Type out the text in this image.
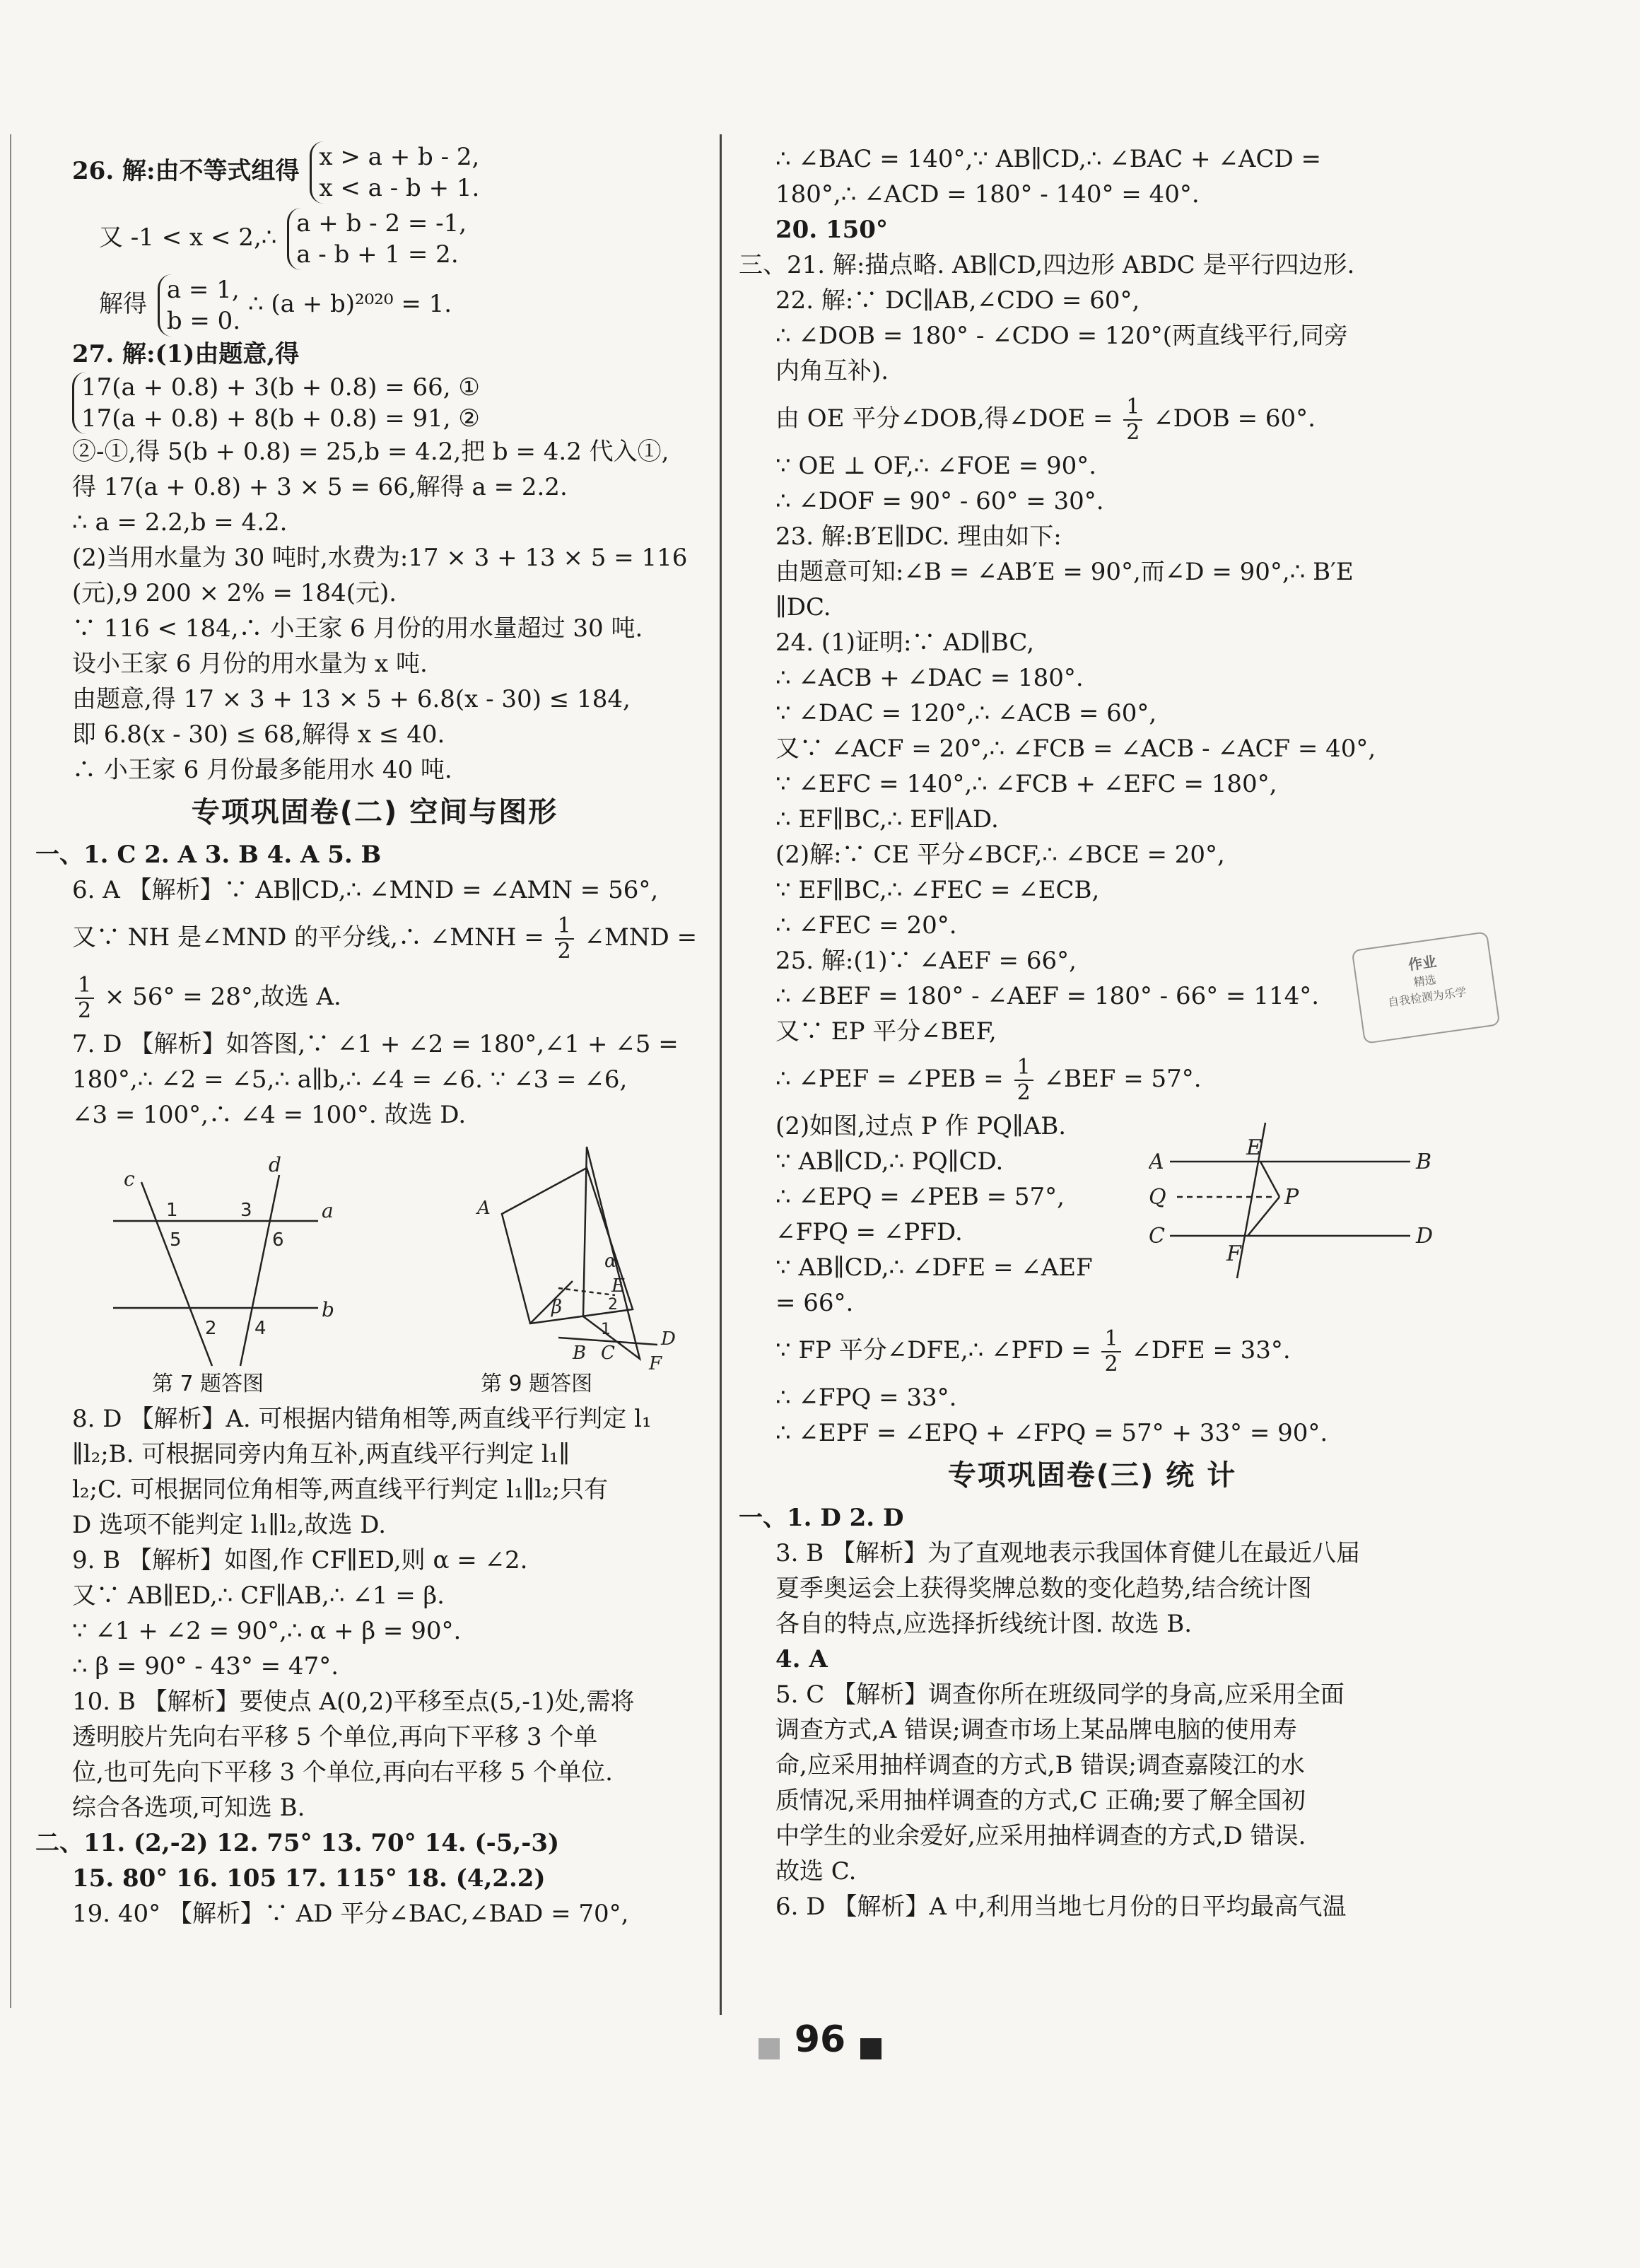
26. 解:由不等式组得 x > a + b - 2,
x < a - b + 1.
又 -1 < x < 2,∴ a + b - 2 = -1,
a - b + 1 = 2.
解得 a = 1,
b = 0. ∴ (a + b)²⁰²⁰ = 1.
27. 解:(1)由题意,得
17(a + 0.8) + 3(b + 0.8) = 66, ①
17(a + 0.8) + 8(b + 0.8) = 91, ②
②-①,得 5(b + 0.8) = 25,b = 4.2,把 b = 4.2 代入①,
得 17(a + 0.8) + 3 × 5 = 66,解得 a = 2.2.
∴ a = 2.2,b = 4.2.
(2)当用水量为 30 吨时,水费为:17 × 3 + 13 × 5 = 116
(元),9 200 × 2% = 184(元).
∵ 116 < 184,∴ 小王家 6 月份的用水量超过 30 吨.
设小王家 6 月份的用水量为 x 吨.
由题意,得 17 × 3 + 13 × 5 + 6.8(x - 30) ≤ 184,
即 6.8(x - 30) ≤ 68,解得 x ≤ 40.
∴ 小王家 6 月份最多能用水 40 吨.
专项巩固卷(二) 空间与图形
一、1. C 2. A 3. B 4. A 5. B
6. A 【解析】∵ AB∥CD,∴ ∠MND = ∠AMN = 56°,
又∵ NH 是∠MND 的平分线,∴ ∠MNH = $\frac{1}{2}$ ∠MND =
$\frac{1}{2} \times 56^\circ = 28^\circ$,故选 A.
7. D 【解析】如答图,∵ ∠1 + ∠2 = 180°,∠1 + ∠5 =
180°,∴ ∠2 = ∠5,∴ a∥b,∴ ∠4 = ∠6. ∵ ∠3 = ∠6,
∠3 = 100°,∴ ∠4 = 100°. 故选 D.
c
d
a
b
1
5
3
6
2 4
A
E
D
F
B C
α
β	2
1
第 7 题答图	第 9 题答图
8. D 【解析】A. 可根据内错角相等,两直线平行判定 l₁
∥l₂;B. 可根据同旁内角互补,两直线平行判定 l₁∥
l₂;C. 可根据同位角相等,两直线平行判定 l₁∥l₂;只有
D 选项不能判定 l₁∥l₂,故选 D.
9. B 【解析】如图,作 CF∥ED,则 α = ∠2.
又∵ AB∥ED,∴ CF∥AB,∴ ∠1 = β.
∵ ∠1 + ∠2 = 90°,∴ α + β = 90°.
∴ β = 90° - 43° = 47°.
10. B 【解析】要使点 A(0,2)平移至点(5,-1)处,需将
透明胶片先向右平移 5 个单位,再向下平移 3 个单
位,也可先向下平移 3 个单位,再向右平移 5 个单位.
综合各选项,可知选 B.
二、11. (2,-2) 12. 75° 13. 70° 14. (-5,-3)
15. 80° 16. 105 17. 115° 18. (4,2.2)
19. 40° 【解析】∵ AD 平分∠BAC,∠BAD = 70°,
∴ ∠BAC = 140°,∵ AB∥CD,∴ ∠BAC + ∠ACD =
180°,∴ ∠ACD = 180° - 140° = 40°.
20. 150°
三、21. 解:描点略. AB∥CD,四边形 ABDC 是平行四边形.
22. 解:∵ DC∥AB,∠CDO = 60°,
∴ ∠DOB = 180° - ∠CDO = 120°(两直线平行,同旁
内角互补).
由 OE 平分∠DOB,得∠DOE = $\frac{1}{2}$ ∠DOB = 60°.
∵ OE ⊥ OF,∴ ∠FOE = 90°.
∴ ∠DOF = 90° - 60° = 30°.
23. 解:B′E∥DC. 理由如下:
由题意可知:∠B = ∠AB′E = 90°,而∠D = 90°,∴ B′E
∥DC.
24. (1)证明:∵ AD∥BC,
∴ ∠ACB + ∠DAC = 180°.
∵ ∠DAC = 120°,∴ ∠ACB = 60°,
又∵ ∠ACF = 20°,∴ ∠FCB = ∠ACB - ∠ACF = 40°,
∵ ∠EFC = 140°,∴ ∠FCB + ∠EFC = 180°,
∴ EF∥BC,∴ EF∥AD.
(2)解:∵ CE 平分∠BCF,∴ ∠BCE = 20°,
∵ EF∥BC,∴ ∠FEC = ∠ECB,
∴ ∠FEC = 20°.
25. 解:(1)∵ ∠AEF = 66°,
∴ ∠BEF = 180° - ∠AEF = 180° - 66° = 114°.
又∵ EP 平分∠BEF,
∴ ∠PEF = ∠PEB = $\frac{1}{2}$ ∠BEF = 57°.
(2)如图,过点 P 作 PQ∥AB.
∵ AB∥CD,∴ PQ∥CD.
∴ ∠EPQ = ∠PEB = 57°,
∠FPQ = ∠PFD.
∵ AB∥CD,∴ ∠DFE = ∠AEF
= 66°.
A	B
Q	P
C	D
E
F
∵ FP 平分∠DFE,∴ ∠PFD = $\frac{1}{2}$ ∠DFE = 33°.
∴ ∠FPQ = 33°.
∴ ∠EPF = ∠EPQ + ∠FPQ = 57° + 33° = 90°.
专项巩固卷(三) 统 计
一、1. D 2. D
3. B 【解析】为了直观地表示我国体育健儿在最近八届
夏季奥运会上获得奖牌总数的变化趋势,结合统计图
各自的特点,应选择折线统计图. 故选 B.
4. A
5. C 【解析】调查你所在班级同学的身高,应采用全面
调查方式,A 错误;调查市场上某品牌电脑的使用寿
命,应采用抽样调查的方式,B 错误;调查嘉陵江的水
质情况,采用抽样调查的方式,C 正确;要了解全国初
中学生的业余爱好,应采用抽样调查的方式,D 错误.
故选 C.
6. D 【解析】A 中,利用当地七月份的日平均最高气温
作业
精选
自我检测为乐学
96
